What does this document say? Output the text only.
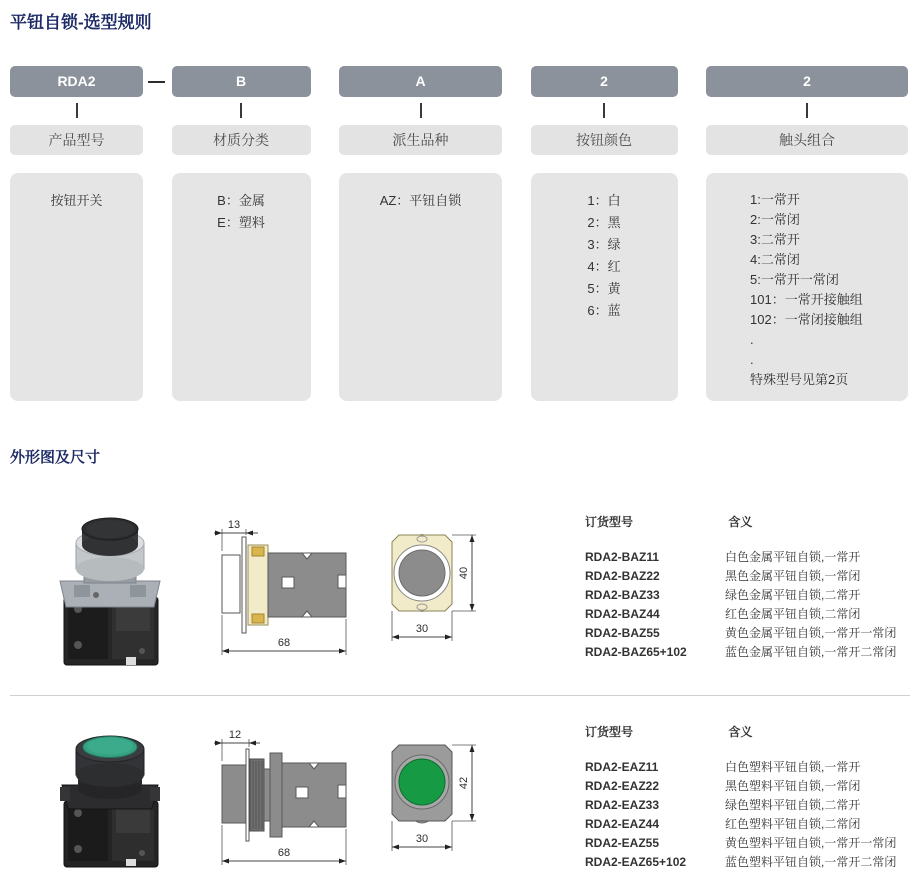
平钮自锁-选型规则
RDA2
产品型号
按钮开关
B
材质分类
B：金属
E：塑料
A
派生品种
AZ：平钮自锁
2
按钮颜色
1：白
2：黑
3：绿
4：红
5：黄
6：蓝
2
触头组合
1:一常开
2:一常闭
3:二常开
4:二常闭
5:一常开一常闭
101：一常开接触组
102：一常闭接触组
.
.
特殊型号见第2页
外形图及尺寸
13
68
30
40
订货型号	含义
RDA2-BAZ11	白色金属平钮自锁,一常开
RDA2-BAZ22	黑色金属平钮自锁,一常闭
RDA2-BAZ33	绿色金属平钮自锁,二常开
RDA2-BAZ44	红色金属平钮自锁,二常闭
RDA2-BAZ55	黄色金属平钮自锁,一常开一常闭
RDA2-BAZ65+102	蓝色金属平钮自锁,一常开二常闭
12
68
30
42
订货型号	含义
RDA2-EAZ11	白色塑料平钮自锁,一常开
RDA2-EAZ22	黑色塑料平钮自锁,一常闭
RDA2-EAZ33	绿色塑料平钮自锁,二常开
RDA2-EAZ44	红色塑料平钮自锁,二常闭
RDA2-EAZ55	黄色塑料平钮自锁,一常开一常闭
RDA2-EAZ65+102	蓝色塑料平钮自锁,一常开二常闭
